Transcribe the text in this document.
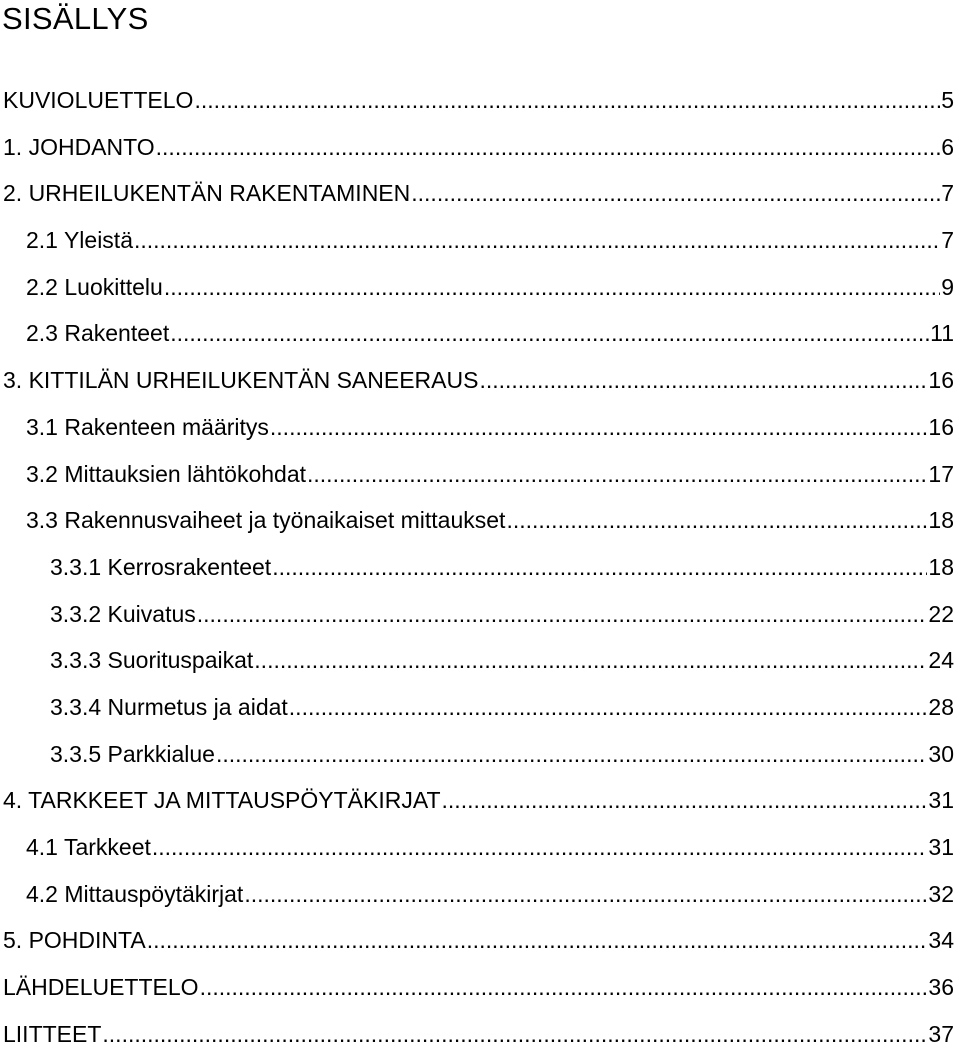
SISÄLLYS
KUVIOLUETTELO .....	5
1. JOHDANTO .....	6
2. URHEILUKENTÄN RAKENTAMINEN .....	7
2.1 Yleistä .....	7
2.2 Luokittelu .....	9
2.3 Rakenteet .....	11
3. KITTILÄN URHEILUKENTÄN SANEERAUS .....	16
3.1 Rakenteen määritys .....	16
3.2 Mittauksien lähtökohdat .....	17
3.3 Rakennusvaiheet ja työnaikaiset mittaukset .....	18
3.3.1 Kerrosrakenteet .....	18
3.3.2 Kuivatus .....	22
3.3.3 Suorituspaikat .....	24
3.3.4 Nurmetus ja aidat .....	28
3.3.5 Parkkialue .....	30
4. TARKKEET JA MITTAUSPÖYTÄKIRJAT .....	31
4.1 Tarkkeet .....	31
4.2 Mittauspöytäkirjat .....	32
5. POHDINTA .....	34
LÄHDELUETTELO .....	36
LIITTEET .....	37
